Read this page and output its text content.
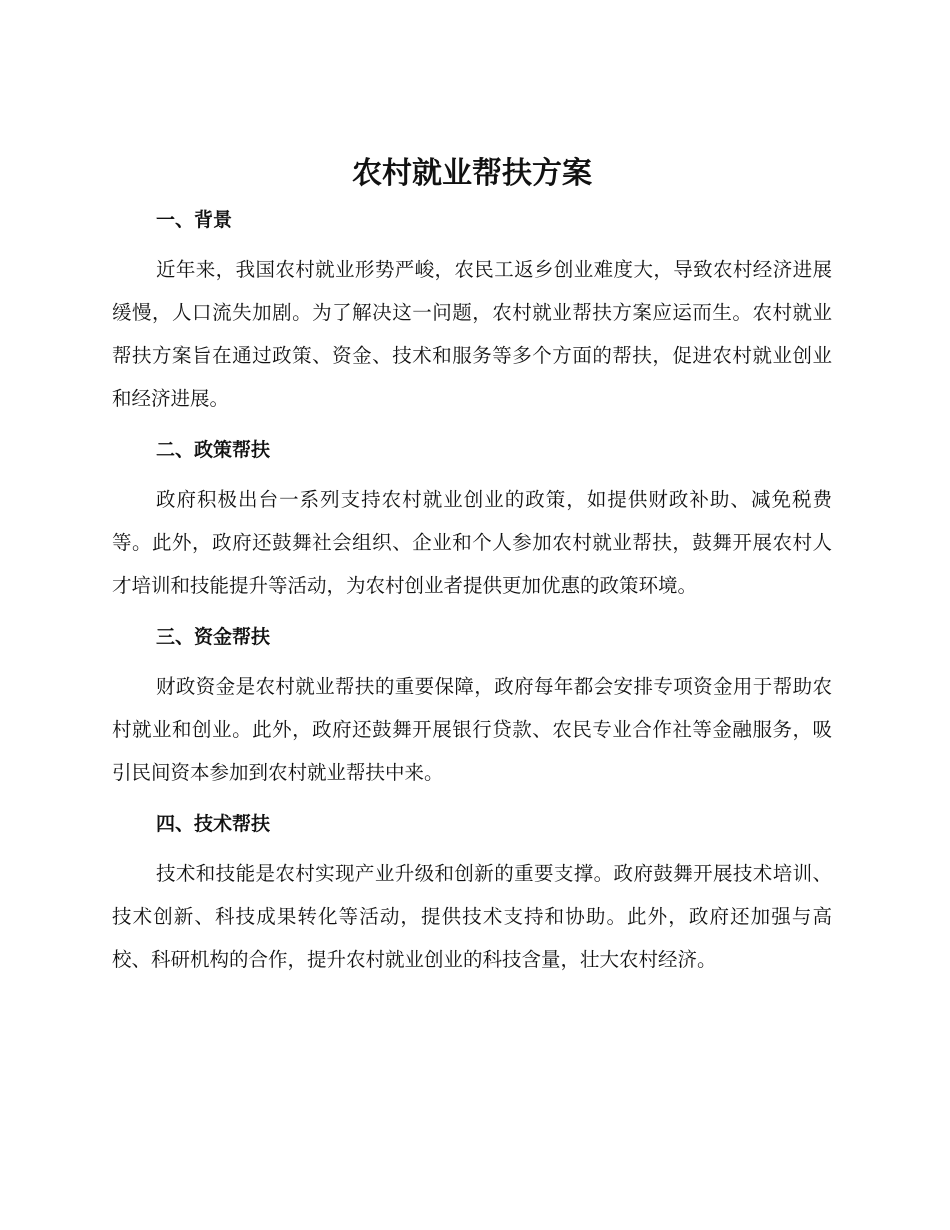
农村就业帮扶方案
一、背景

近年来，我国农村就业形势严峻，农民工返乡创业难度大，导致农村经济进展缓慢，人口流失加剧。为了解决这一问题，农村就业帮扶方案应运而生。农村就业帮扶方案旨在通过政策、资金、技术和服务等多个方面的帮扶，促进农村就业创业和经济进展。

二、政策帮扶

政府积极出台一系列支持农村就业创业的政策，如提供财政补助、减免税费等。此外，政府还鼓舞社会组织、企业和个人参加农村就业帮扶，鼓舞开展农村人才培训和技能提升等活动，为农村创业者提供更加优惠的政策环境。

三、资金帮扶

财政资金是农村就业帮扶的重要保障，政府每年都会安排专项资金用于帮助农村就业和创业。此外，政府还鼓舞开展银行贷款、农民专业合作社等金融服务，吸引民间资本参加到农村就业帮扶中来。

四、技术帮扶

技术和技能是农村实现产业升级和创新的重要支撑。政府鼓舞开展技术培训、技术创新、科技成果转化等活动，提供技术支持和协助。此外，政府还加强与高校、科研机构的合作，提升农村就业创业的科技含量，壮大农村经济。
